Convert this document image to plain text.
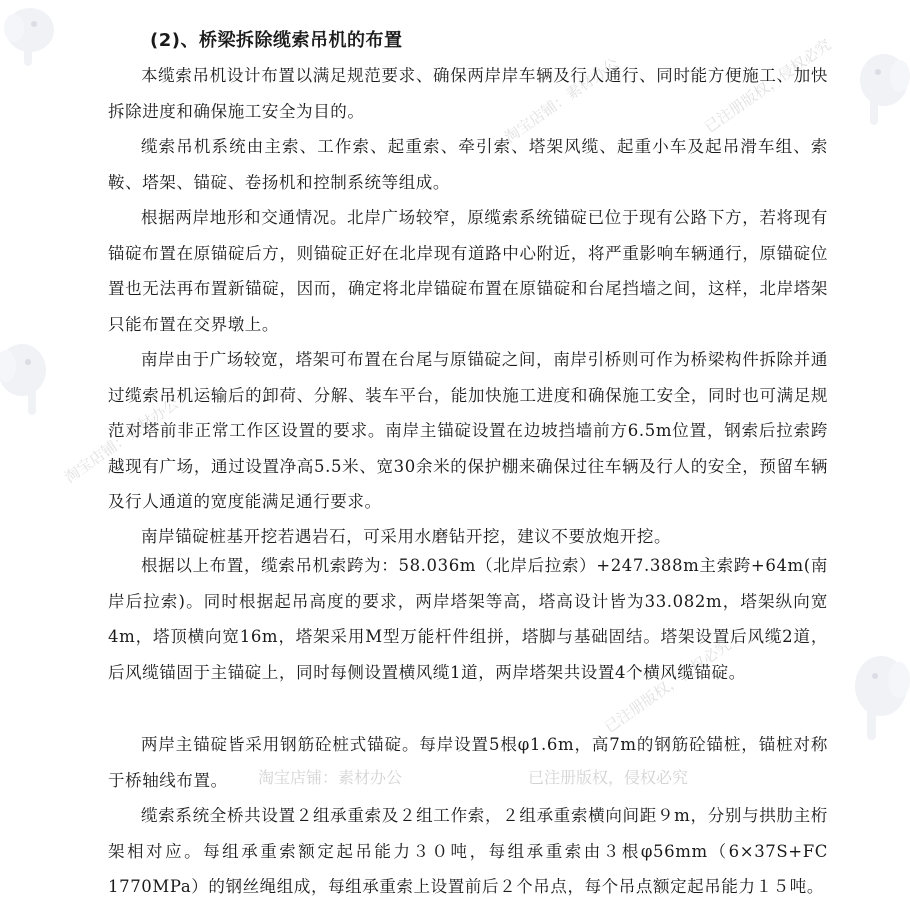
淘宝店铺：素材办公	已注册版权，侵权必究
淘宝店铺：素材办公
已注册版权，侵权必究
淘宝店铺：素材办公	已注册版权，侵权必究
(2)、桥梁拆除缆索吊机的布置

本缆索吊机设计布置以满足规范要求、确保两岸岸车辆及行人通行、同时能方便施工、加快拆除进度和确保施工安全为目的。

缆索吊机系统由主索、工作索、起重索、牵引索、塔架风缆、起重小车及起吊滑车组、索鞍、塔架、锚碇、卷扬机和控制系统等组成。

根据两岸地形和交通情况。北岸广场较窄，原缆索系统锚碇已位于现有公路下方，若将现有锚碇布置在原锚碇后方，则锚碇正好在北岸现有道路中心附近，将严重影响车辆通行，原锚碇位置也无法再布置新锚碇，因而，确定将北岸锚碇布置在原锚碇和台尾挡墙之间，这样，北岸塔架只能布置在交界墩上。

南岸由于广场较宽，塔架可布置在台尾与原锚碇之间，南岸引桥则可作为桥梁构件拆除并通过缆索吊机运输后的卸荷、分解、装车平台，能加快施工进度和确保施工安全，同时也可满足规范对塔前非正常工作区设置的要求。南岸主锚碇设置在边坡挡墙前方6.5m位置，钢索后拉索跨越现有广场，通过设置净高5.5米、宽30余米的保护棚来确保过往车辆及行人的安全，预留车辆及行人通道的宽度能满足通行要求。

南岸锚碇桩基开挖若遇岩石，可采用水磨钻开挖，建议不要放炮开挖。

根据以上布置，缆索吊机索跨为：58.036m（北岸后拉索）+247.388m主索跨+64m(南岸后拉索)。同时根据起吊高度的要求，两岸塔架等高，塔高设计皆为33.082m，塔架纵向宽4m，塔顶横向宽16m，塔架采用M型万能杆件组拼，塔脚与基础固结。塔架设置后风缆2道，后风缆锚固于主锚碇上，同时每侧设置横风缆1道，两岸塔架共设置4个横风缆锚碇。

两岸主锚碇皆采用钢筋砼桩式锚碇。每岸设置5根φ1.6m，高7m的钢筋砼锚桩，锚桩对称于桥轴线布置。

缆索系统全桥共设置２组承重索及２组工作索，２组承重索横向间距９m，分别与拱肋主桁架相对应。每组承重索额定起吊能力３０吨，每组承重索由３根φ56mm（6×37S+FC 1770MPa）的钢丝绳组成，每组承重索上设置前后２个吊点，每个吊点额定起吊能力１５吨。
